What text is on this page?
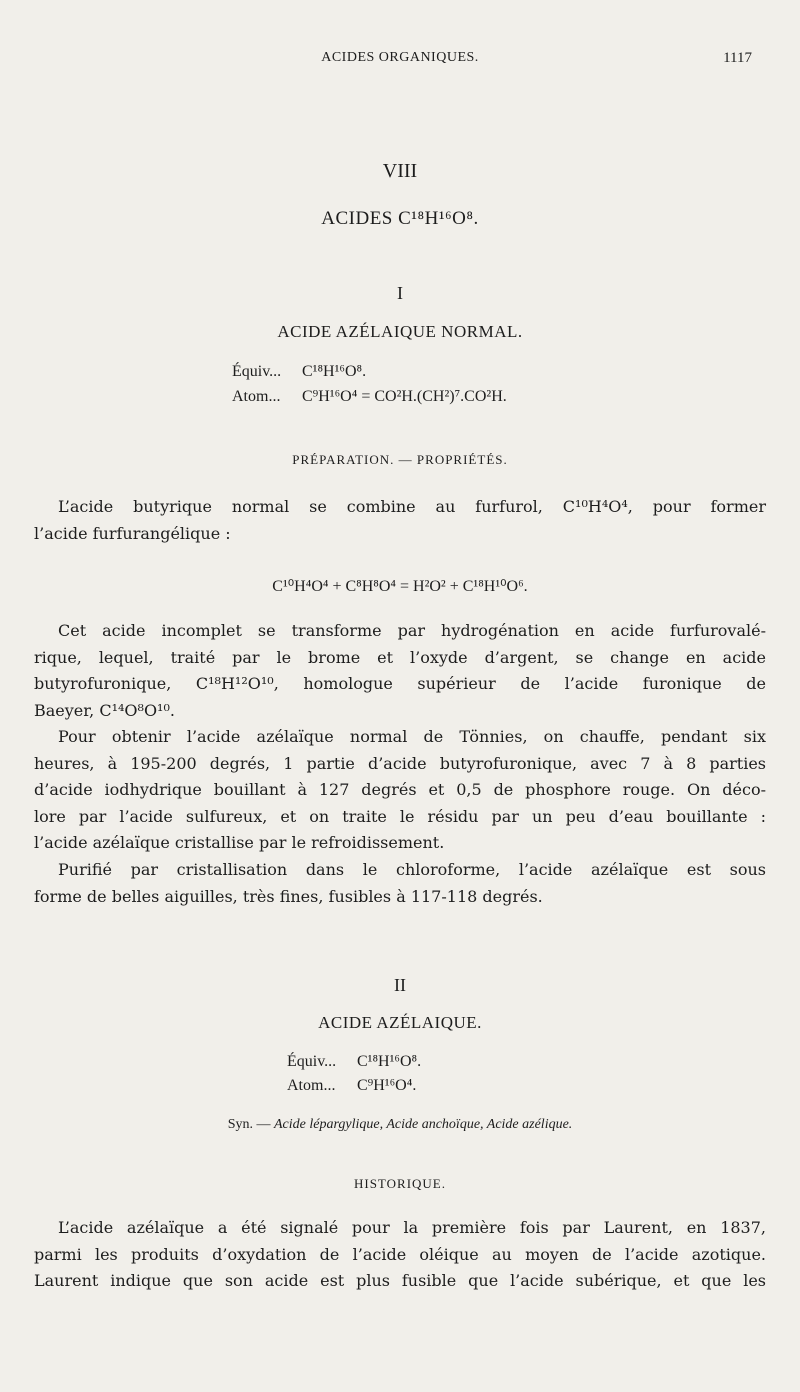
ACIDES ORGANIQUES.	1117
VIII
ACIDES C¹⁸H¹⁶O⁸.
I
ACIDE AZÉLAIQUE NORMAL.
Équiv... C¹⁸H¹⁶O⁸.
Atom... C⁹H¹⁶O⁴ = CO²H.(CH²)⁷.CO²H.
PRÉPARATION. — PROPRIÉTÉS.
L’acide butyrique normal se combine au furfurol, C¹⁰H⁴O⁴, pour former
l’acide furfurangélique :
C¹⁰H⁴O⁴ + C⁸H⁸O⁴ = H²O² + C¹⁸H¹⁰O⁶.
Cet acide incomplet se transforme par hydrogénation en acide furfurovalé-
rique, lequel, traité par le brome et l’oxyde d’argent, se change en acide
butyrofuronique, C¹⁸H¹²O¹⁰, homologue supérieur de l’acide furonique de
Baeyer, C¹⁴O⁸O¹⁰.
Pour obtenir l’acide azélaïque normal de Tönnies, on chauffe, pendant six
heures, à 195-200 degrés, 1 partie d’acide butyrofuronique, avec 7 à 8 parties
d’acide iodhydrique bouillant à 127 degrés et 0,5 de phosphore rouge. On déco-
lore par l’acide sulfureux, et on traite le résidu par un peu d’eau bouillante :
l’acide azélaïque cristallise par le refroidissement.
Purifié par cristallisation dans le chloroforme, l’acide azélaïque est sous
forme de belles aiguilles, très fines, fusibles à 117-118 degrés.
II
ACIDE AZÉLAIQUE.
Équiv... C¹⁸H¹⁶O⁸.
Atom... C⁹H¹⁶O⁴.
Syn. — Acide lépargylique, Acide anchoïque, Acide azélique.
HISTORIQUE.
L’acide azélaïque a été signalé pour la première fois par Laurent, en 1837,
parmi les produits d’oxydation de l’acide oléique au moyen de l’acide azotique.
Laurent indique que son acide est plus fusible que l’acide subérique, et que les
